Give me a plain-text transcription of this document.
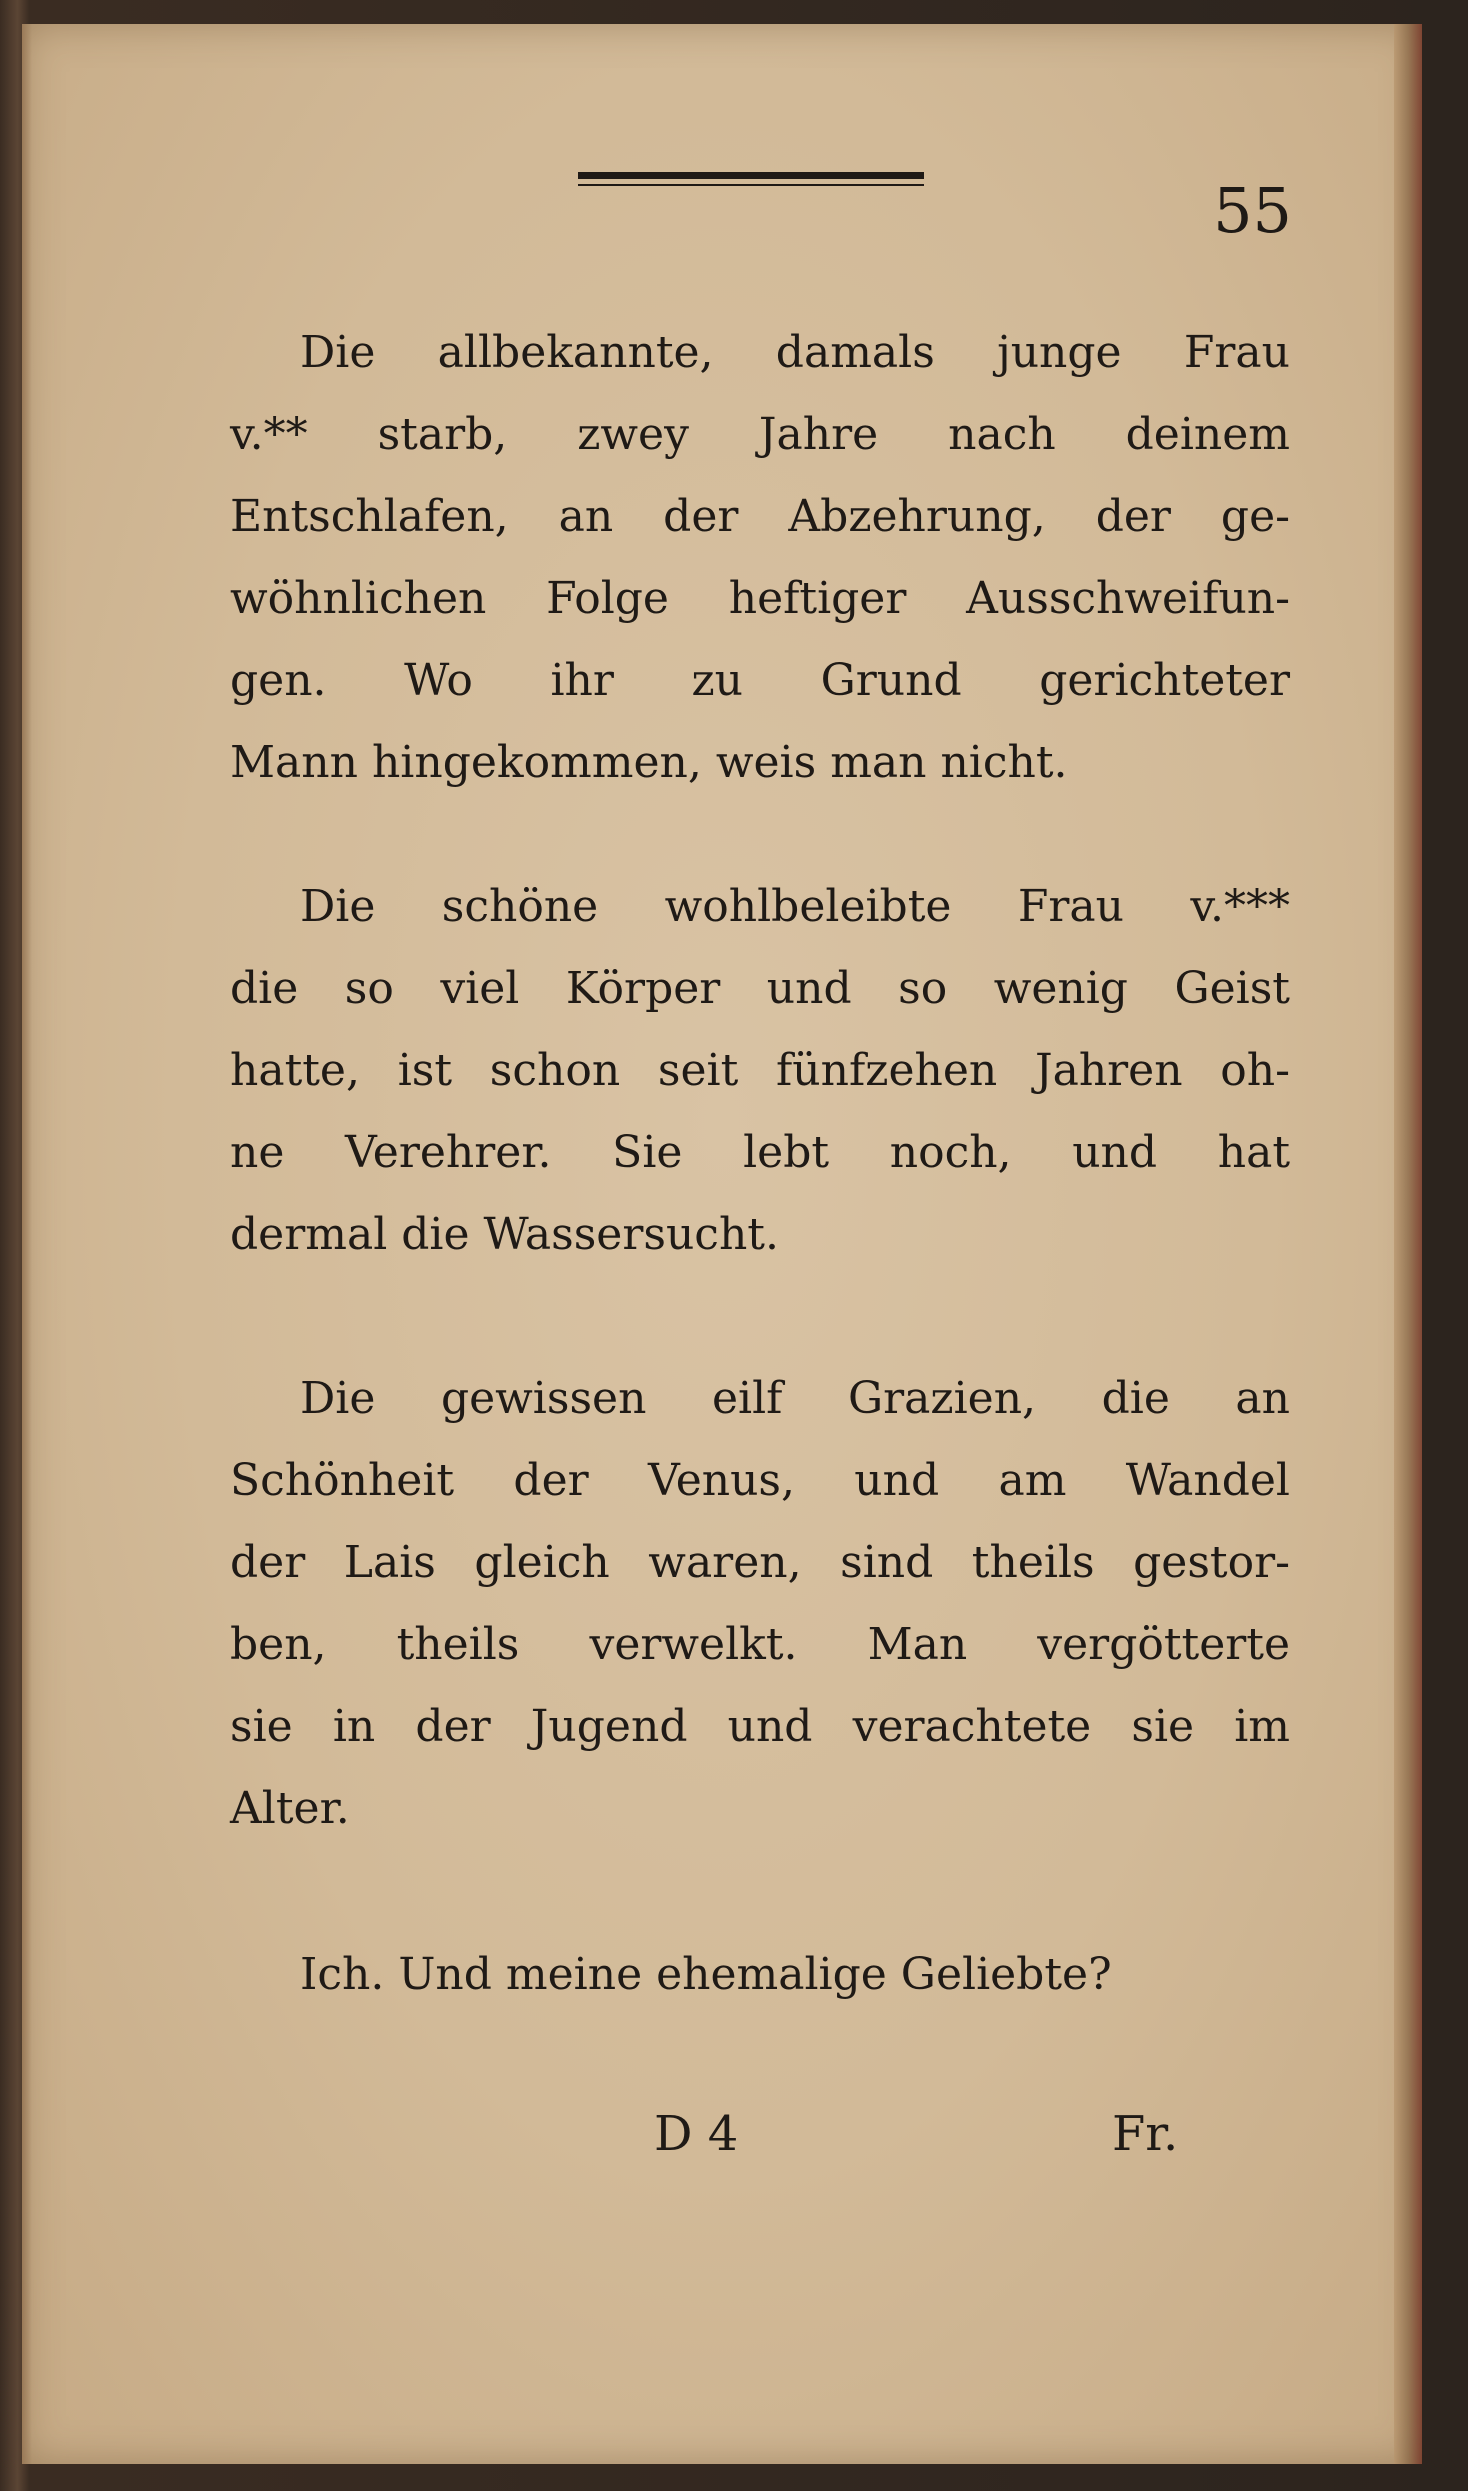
55
Die allbekannte, damals junge Frau
v.** starb, zwey Jahre nach deinem
Entschlafen, an der Abzehrung, der ge-
wöhnlichen Folge heftiger Ausschweifun-
gen. Wo ihr zu Grund gerichteter
Mann hingekommen, weis man nicht.
Die schöne wohlbeleibte Frau v.***
die so viel Körper und so wenig Geist
hatte, ist schon seit fünfzehen Jahren oh-
ne Verehrer. Sie lebt noch, und hat
dermal die Wassersucht.
Die gewissen eilf Grazien, die an
Schönheit der Venus, und am Wandel
der Lais gleich waren, sind theils gestor-
ben, theils verwelkt. Man vergötterte
sie in der Jugend und verachtete sie im
Alter.
Ich. Und meine ehemalige Geliebte?
D 4	Fr.
